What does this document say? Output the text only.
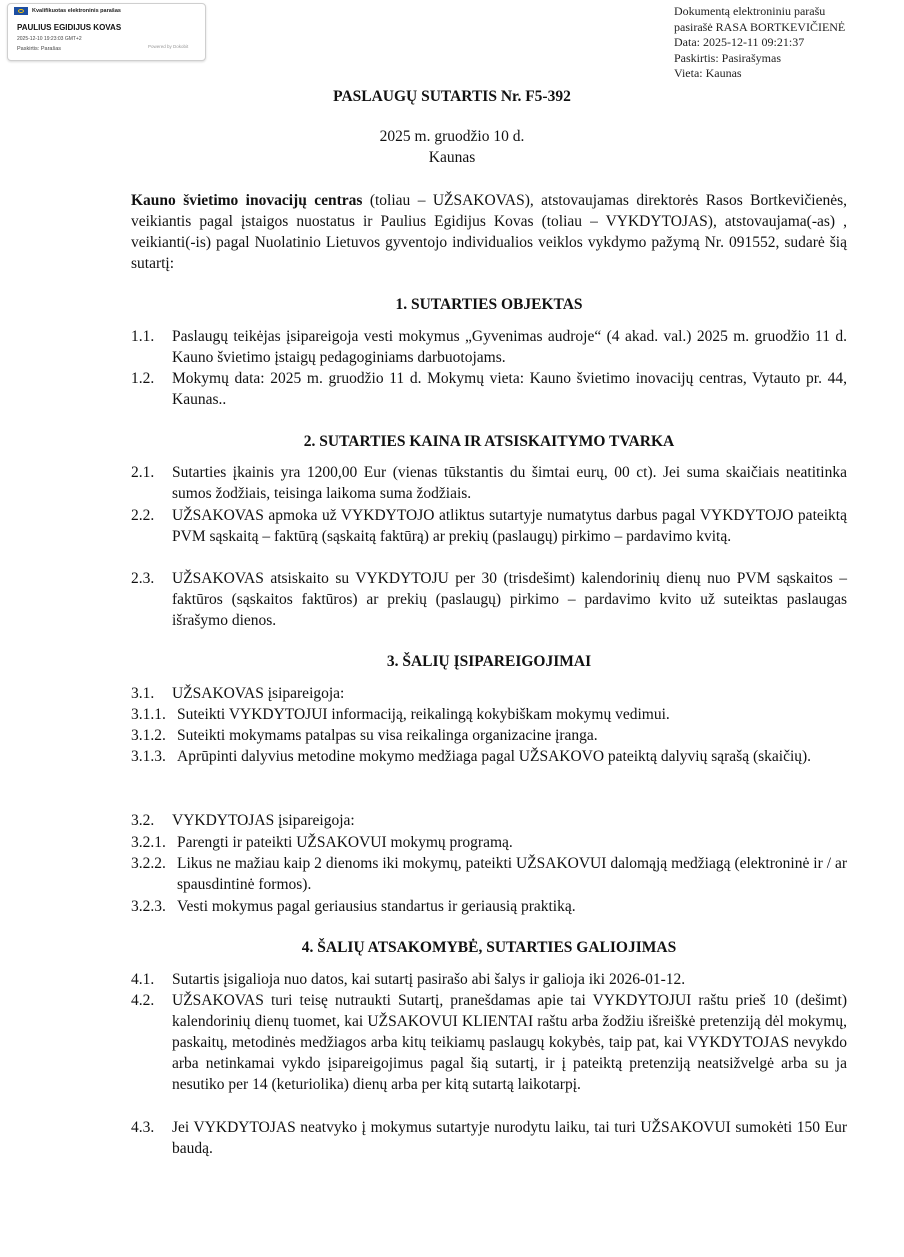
Kvalifikuotas elektroninis parašas
PAULIUS EGIDIJUS KOVAS
2025-12-10 19:23:03 GMT+2
Paskirtis: Parašas	Powered by Dokobit
Dokumentą elektroniniu parašu
pasirašė RASA BORTKEVIČIENĖ
Data: 2025-12-11 09:21:37
Paskirtis: Pasirašymas
Vieta: Kaunas
PASLAUGŲ SUTARTIS Nr. F5-392
2025 m. gruodžio 10 d.
Kaunas
Kauno švietimo inovacijų centras (toliau – UŽSAKOVAS), atstovaujamas direktorės Rasos Bortkevičienės, veikiantis pagal įstaigos nuostatus ir Paulius Egidijus Kovas (toliau – VYKDYTOJAS), atstovaujama(-as) , veikianti(-is) pagal Nuolatinio Lietuvos gyventojo individualios veiklos vykdymo pažymą Nr. 091552, sudarė šią sutartį:
1. SUTARTIES OBJEKTAS
1.1.	Paslaugų teikėjas įsipareigoja vesti mokymus „Gyvenimas audroje“ (4 akad. val.) 2025 m. gruodžio 11 d. Kauno švietimo įstaigų pedagoginiams darbuotojams.
1.2.	Mokymų data: 2025 m. gruodžio 11 d. Mokymų vieta: Kauno švietimo inovacijų centras, Vytauto pr. 44, Kaunas..
2. SUTARTIES KAINA IR ATSISKAITYMO TVARKA
2.1.	Sutarties įkainis yra 1200,00 Eur (vienas tūkstantis du šimtai eurų, 00 ct). Jei suma skaičiais neatitinka sumos žodžiais, teisinga laikoma suma žodžiais.
2.2.	UŽSAKOVAS apmoka už VYKDYTOJO atliktus sutartyje numatytus darbus pagal VYKDYTOJO pateiktą PVM sąskaitą – faktūrą (sąskaitą faktūrą) ar prekių (paslaugų) pirkimo – pardavimo kvitą.
2.3.	UŽSAKOVAS atsiskaito su VYKDYTOJU per 30 (trisdešimt) kalendorinių dienų nuo PVM sąskaitos – faktūros (sąskaitos faktūros) ar prekių (paslaugų) pirkimo – pardavimo kvito už suteiktas paslaugas išrašymo dienos.
3. ŠALIŲ ĮSIPAREIGOJIMAI
3.1.	UŽSAKOVAS įsipareigoja:
3.1.1. Suteikti VYKDYTOJUI informaciją, reikalingą kokybiškam mokymų vedimui.
3.1.2. Suteikti mokymams patalpas su visa reikalinga organizacine įranga.
3.1.3. Aprūpinti dalyvius metodine mokymo medžiaga pagal UŽSAKOVO pateiktą dalyvių sąrašą (skaičių).
3.2.	VYKDYTOJAS įsipareigoja:
3.2.1. Parengti ir pateikti UŽSAKOVUI mokymų programą.
3.2.2. Likus ne mažiau kaip 2 dienoms iki mokymų, pateikti UŽSAKOVUI dalomąją medžiagą (elektroninė ir / ar spausdintinė formos).
3.2.3. Vesti mokymus pagal geriausius standartus ir geriausią praktiką.
4. ŠALIŲ ATSAKOMYBĖ, SUTARTIES GALIOJIMAS
4.1.	Sutartis įsigalioja nuo datos, kai sutartį pasirašo abi šalys ir galioja iki 2026-01-12.
4.2.	UŽSAKOVAS turi teisę nutraukti Sutartį, pranešdamas apie tai VYKDYTOJUI raštu prieš 10 (dešimt) kalendorinių dienų tuomet, kai UŽSAKOVUI KLIENTAI raštu arba žodžiu išreiškė pretenziją dėl mokymų, paskaitų, metodinės medžiagos arba kitų teikiamų paslaugų kokybės, taip pat, kai VYKDYTOJAS nevykdo arba netinkamai vykdo įsipareigojimus pagal šią sutartį, ir į pateiktą pretenziją neatsižvelgė arba su ja nesutiko per 14 (keturiolika) dienų arba per kitą sutartą laikotarpį.
4.3.	Jei VYKDYTOJAS neatvyko į mokymus sutartyje nurodytu laiku, tai turi UŽSAKOVUI sumokėti 150 Eur baudą.
